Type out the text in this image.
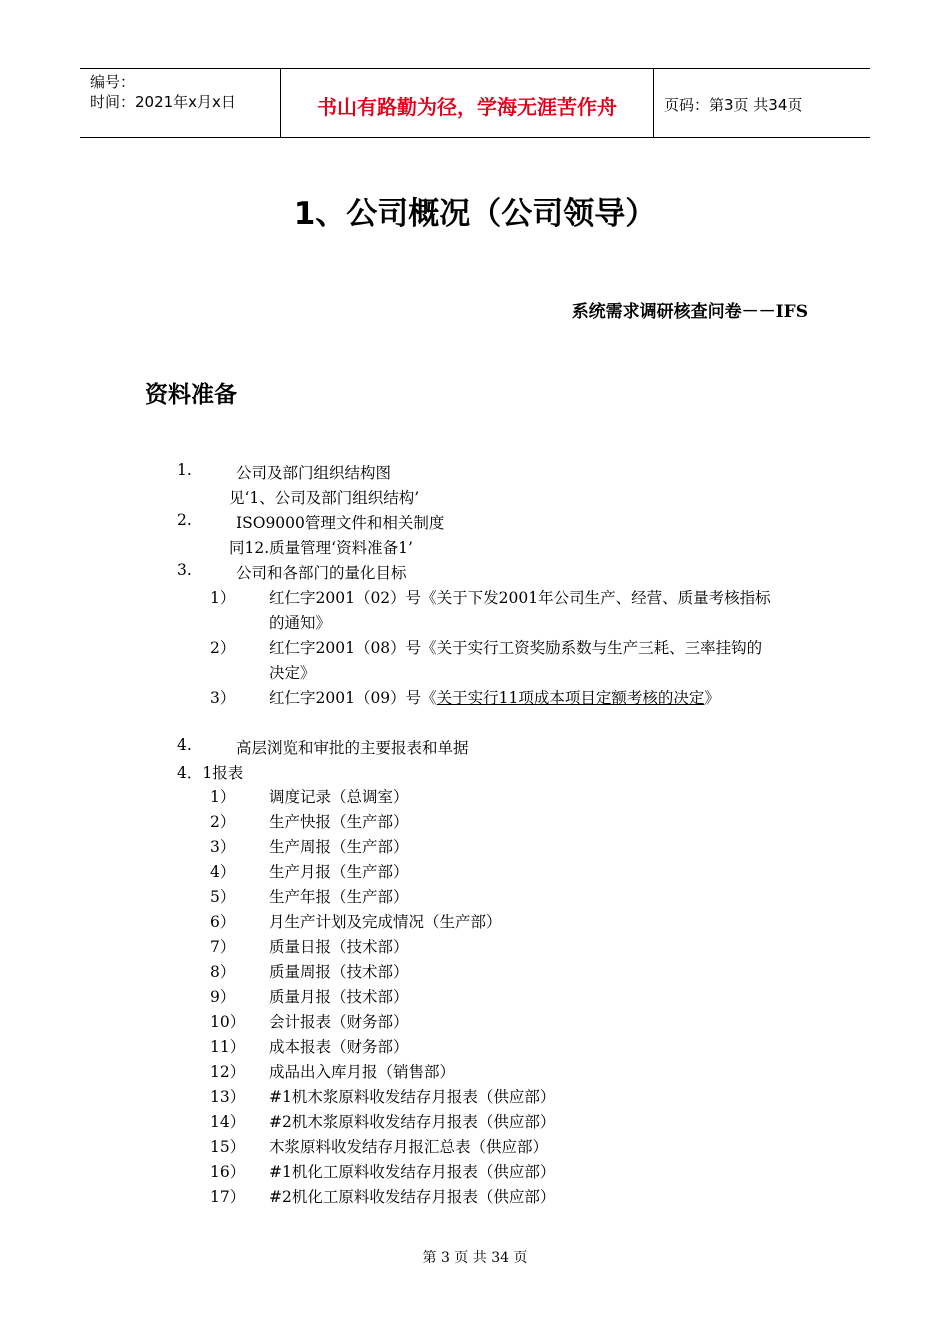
编号：
时间：2021年x月x日	书山有路勤为径，学海无涯苦作舟	页码：第3页 共34页
1、公司概况（公司领导）
系统需求调研核查问卷－－IFS
资料准备
1.	公司及部门组织结构图
见‘1、公司及部门组织结构’
2.	ISO9000管理文件和相关制度
同12.质量管理‘资料准备1’
3.	公司和各部门的量化目标
1） 红仁字2001（02）号《关于下发2001年公司生产、经营、质量考核指标
的通知》
2） 红仁字2001（08）号《关于实行工资奖励系数与生产三耗、三率挂钩的
决定》
3） 红仁字2001（09）号《关于实行11项成本项目定额考核的决定》
4.	高层浏览和审批的主要报表和单据
4．1报表
1） 调度记录（总调室）
2） 生产快报（生产部）
3） 生产周报（生产部）
4） 生产月报（生产部）
5） 生产年报（生产部）
6） 月生产计划及完成情况（生产部）
7） 质量日报（技术部）
8） 质量周报（技术部）
9） 质量月报（技术部）
10） 会计报表（财务部）
11） 成本报表（财务部）
12） 成品出入库月报（销售部）
13） #1机木浆原料收发结存月报表（供应部）
14） #2机木浆原料收发结存月报表（供应部）
15） 木浆原料收发结存月报汇总表（供应部）
16） #1机化工原料收发结存月报表（供应部）
17） #2机化工原料收发结存月报表（供应部）
第 3 页 共 34 页
